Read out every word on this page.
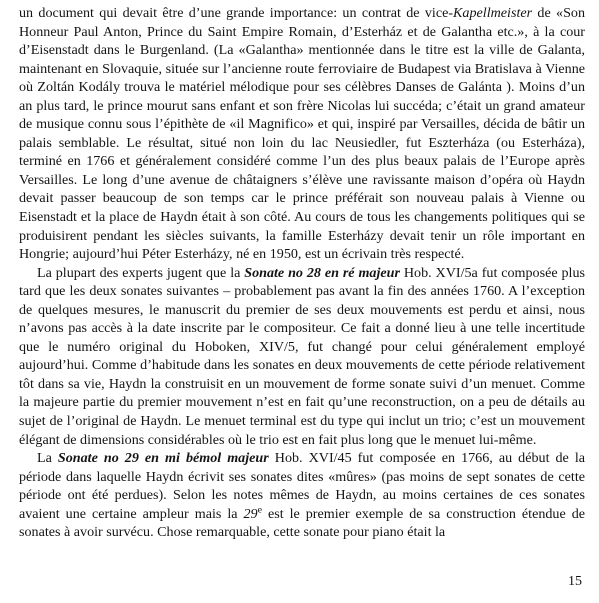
un document qui devait être d’une grande importance: un contrat de vice-Kapellmeister de «Son Honneur Paul Anton, Prince du Saint Empire Romain, d’Esterház et de Galantha etc.», à la cour d’Eisenstadt dans le Burgenland. (La «Galantha» mentionnée dans le titre est la ville de Galanta, maintenant en Slovaquie, située sur l’ancienne route ferroviaire de Budapest via Bratislava à Vienne où Zoltán Kodály trouva le matériel mélodique pour ses célèbres Danses de Galánta ). Moins d’un an plus tard, le prince mourut sans enfant et son frère Nicolas lui succéda; c’était un grand amateur de musique connu sous l’épithète de «il Magnifico» et qui, inspiré par Versailles, décida de bâtir un palais semblable. Le résultat, situé non loin du lac Neusiedler, fut Eszterháza (ou Esterháza), terminé en 1766 et généralement considéré comme l’un des plus beaux palais de l’Europe après Versailles. Le long d’une avenue de châtaigners s’élève une ravissante maison d’opéra où Haydn devait passer beaucoup de son temps car le prince préférait son nouveau palais à Vienne ou Eisenstadt et la place de Haydn était à son côté. Au cours de tous les changements politiques qui se produisirent pendant les siècles suivants, la famille Esterházy devait tenir un rôle important en Hongrie; aujourd’hui Péter Esterházy, né en 1950, est un écrivain très respecté.

La plupart des experts jugent que la Sonate no 28 en ré majeur Hob. XVI/5a fut composée plus tard que les deux sonates suivantes – probablement pas avant la fin des années 1760. A l’exception de quelques mesures, le manuscrit du premier de ses deux mouvements est perdu et ainsi, nous n’avons pas accès à la date inscrite par le compositeur. Ce fait a donné lieu à une telle incertitude que le numéro original du Hoboken, XIV/5, fut changé pour celui généralement employé aujourd’hui. Comme d’habitude dans les sonates en deux mouvements de cette période relativement tôt dans sa vie, Haydn la construisit en un mouvement de forme sonate suivi d’un menuet. Comme la majeure partie du premier mouvement n’est en fait qu’une reconstruction, on a peu de détails au sujet de l’original de Haydn. Le menuet terminal est du type qui inclut un trio; c’est un mouvement élégant de dimensions considérables où le trio est en fait plus long que le menuet lui-même.

La Sonate no 29 en mi bémol majeur Hob. XVI/45 fut composée en 1766, au début de la période dans laquelle Haydn écrivit ses sonates dites «mûres» (pas moins de sept sonates de cette période ont été perdues). Selon les notes mêmes de Haydn, au moins certaines de ces sonates avaient une certaine ampleur mais la 29e est le premier exemple de sa construction étendue de sonates à avoir survécu. Chose remarquable, cette sonate pour piano était la

15
